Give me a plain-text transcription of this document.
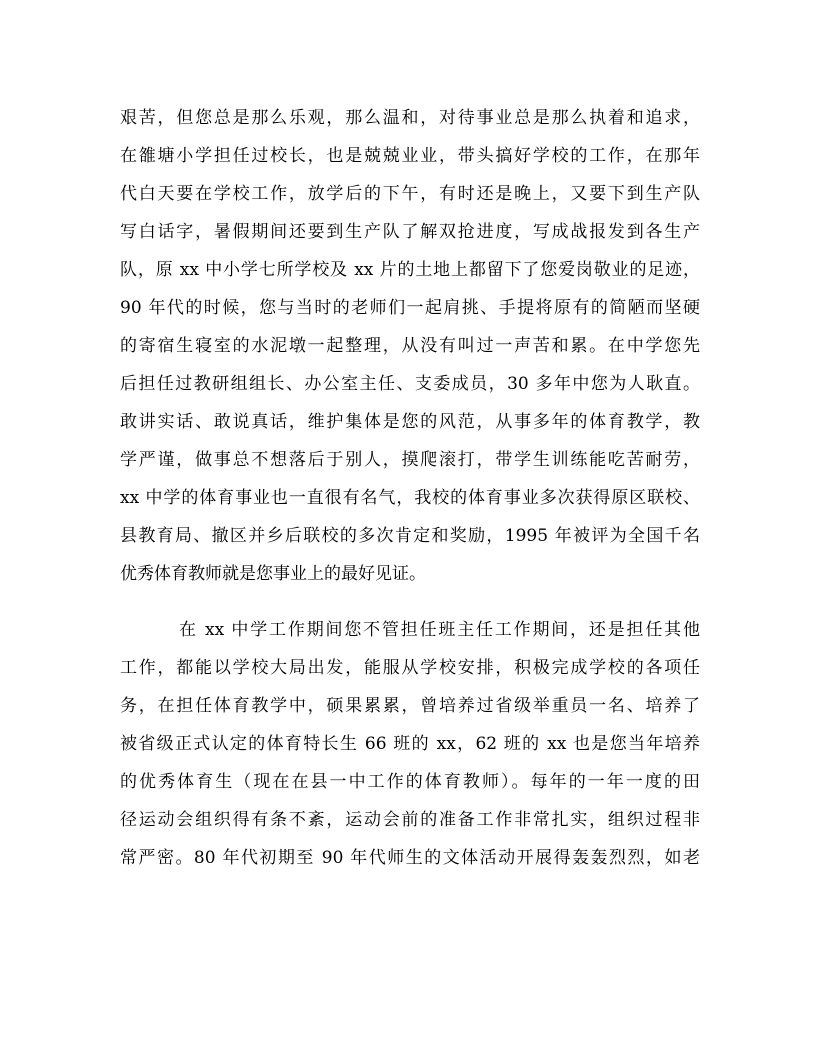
艰苦，但您总是那么乐观，那么温和，对待事业总是那么执着和追求，
在雒塘小学担任过校长，也是兢兢业业，带头搞好学校的工作，在那年
代白天要在学校工作，放学后的下午，有时还是晚上，又要下到生产队
写白话字，暑假期间还要到生产队了解双抢进度，写成战报发到各生产
队，原 xx 中小学七所学校及 xx 片的土地上都留下了您爱岗敬业的足迹，
90 年代的时候，您与当时的老师们一起肩挑、手提将原有的简陋而坚硬
的寄宿生寝室的水泥墩一起整理，从没有叫过一声苦和累。在中学您先
后担任过教研组组长、办公室主任、支委成员，30 多年中您为人耿直。
敢讲实话、敢说真话，维护集体是您的风范，从事多年的体育教学，教
学严谨，做事总不想落后于别人，摸爬滚打，带学生训练能吃苦耐劳，
xx 中学的体育事业也一直很有名气，我校的体育事业多次获得原区联校、
县教育局、撤区并乡后联校的多次肯定和奖励，1995 年被评为全国千名
优秀体育教师就是您事业上的最好见证。
在 xx 中学工作期间您不管担任班主任工作期间，还是担任其他
工作，都能以学校大局出发，能服从学校安排，积极完成学校的各项任
务，在担任体育教学中，硕果累累，曾培养过省级举重员一名、培养了
被省级正式认定的体育特长生 66 班的 xx，62 班的 xx 也是您当年培养
的优秀体育生（现在在县一中工作的体育教师）。每年的一年一度的田
径运动会组织得有条不紊，运动会前的准备工作非常扎实，组织过程非
常严密。80 年代初期至 90 年代师生的文体活动开展得轰轰烈烈，如老
